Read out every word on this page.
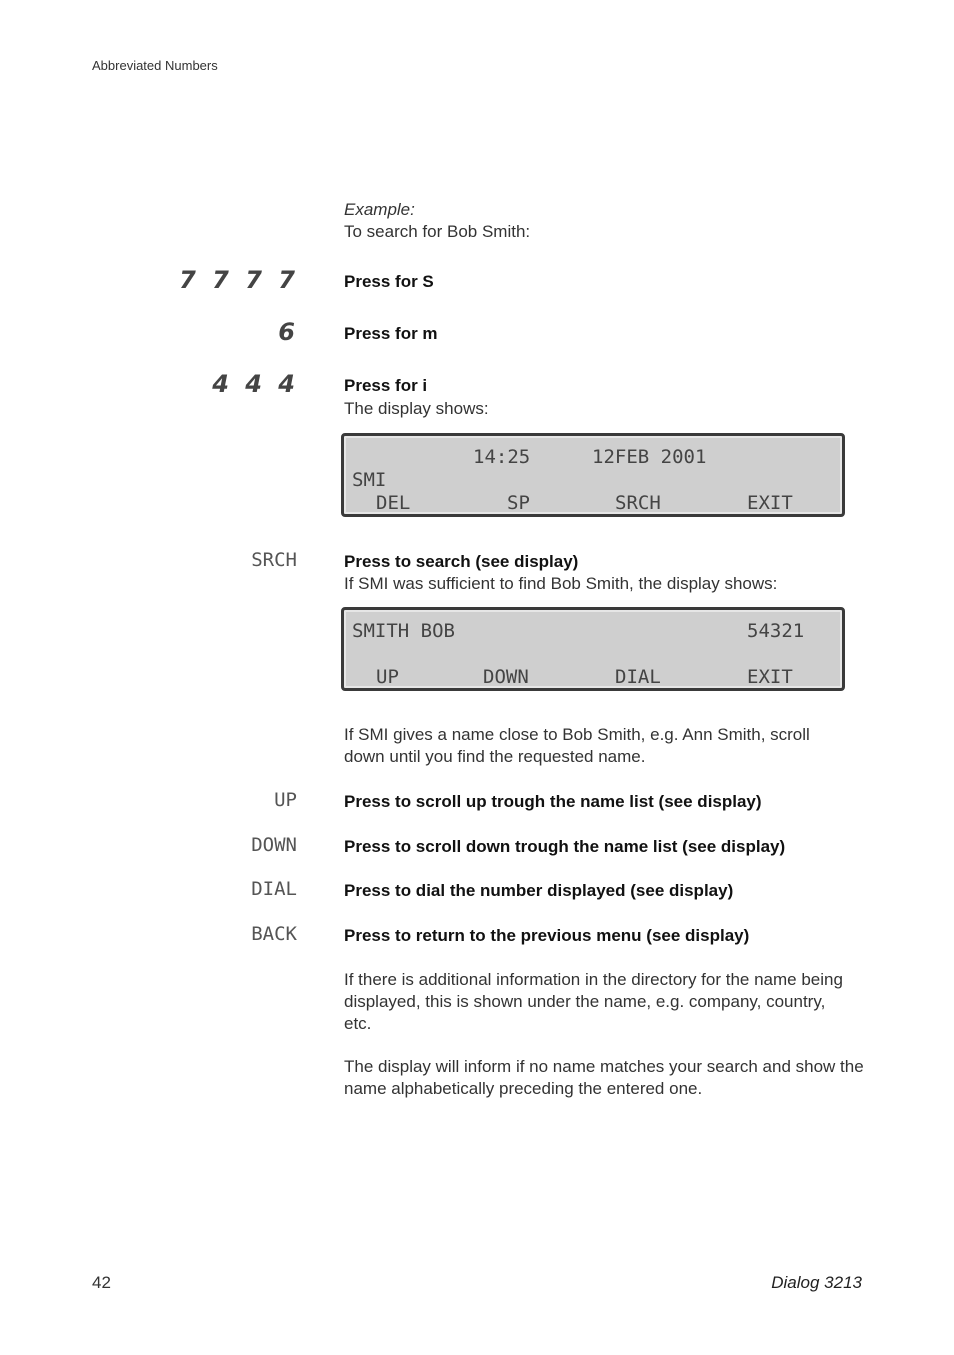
Abbreviated Numbers
Example:
To search for Bob Smith:
7 7 7 7	Press for S
6	Press for m
4 4 4	Press for i
The display shows:
14:25	12FEB 2001
SMI
DEL	SP	SRCH	EXIT
SRCH	Press to search (see display)
If SMI was sufficient to find Bob Smith, the display shows:
SMITH BOB	54321
UP	DOWN	DIAL	EXIT
If SMI gives a name close to Bob Smith, e.g. Ann Smith, scroll down until you find the requested name.
UP	Press to scroll up trough the name list (see display)
DOWN	Press to scroll down trough the name list (see display)
DIAL	Press to dial the number displayed (see display)
BACK	Press to return to the previous menu (see display)
If there is additional information in the directory for the name being displayed, this is shown under the name, e.g. company, country, etc.
The display will inform if no name matches your search and show the name alphabetically preceding the entered one.
42	Dialog 3213
